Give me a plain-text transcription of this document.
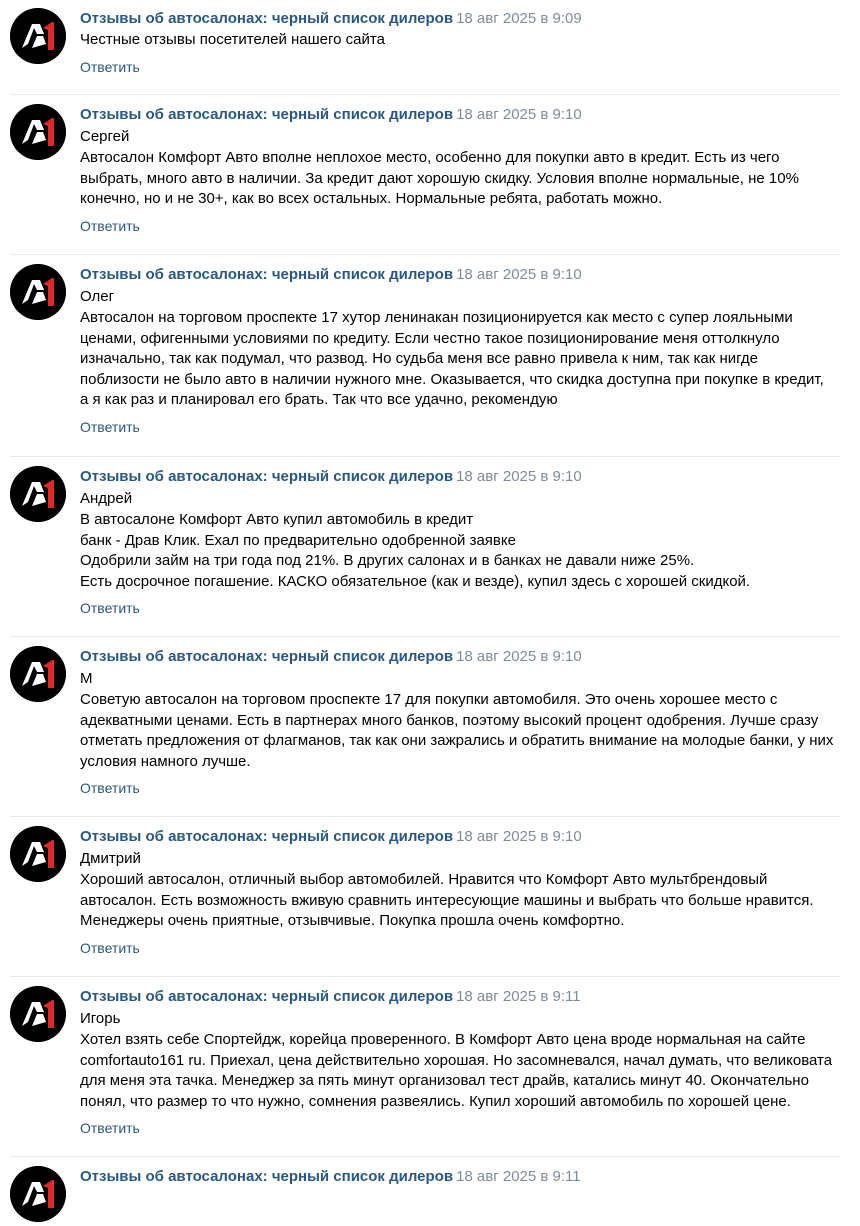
Отзывы об автосалонах: черный список дилеров 18 авг 2025 в 9:09
Честные отзывы посетителей нашего сайта
Ответить
Отзывы об автосалонах: черный список дилеров 18 авг 2025 в 9:10
Сергей
Автосалон Комфорт Авто вполне неплохое место, особенно для покупки авто в кредит. Есть из чего
выбрать, много авто в наличии. За кредит дают хорошую скидку. Условия вполне нормальные, не 10%
конечно, но и не 30+, как во всех остальных. Нормальные ребята, работать можно.
Ответить
Отзывы об автосалонах: черный список дилеров 18 авг 2025 в 9:10
Олег
Автосалон на торговом проспекте 17 хутор ленинакан позиционируется как место с супер лояльными
ценами, офигенными условиями по кредиту. Если честно такое позиционирование меня оттолкнуло
изначально, так как подумал, что развод. Но судьба меня все равно привела к ним, так как нигде
поблизости не было авто в наличии нужного мне. Оказывается, что скидка доступна при покупке в кредит,
а я как раз и планировал его брать. Так что все удачно, рекомендую
Ответить
Отзывы об автосалонах: черный список дилеров 18 авг 2025 в 9:10
Андрей
В автосалоне Комфорт Авто купил автомобиль в кредит
банк - Драв Клик. Ехал по предварительно одобренной заявке
Одобрили займ на три года под 21%. В других салонах и в банках не давали ниже 25%.
Есть досрочное погашение. КАСКО обязательное (как и везде), купил здесь с хорошей скидкой.
Ответить
Отзывы об автосалонах: черный список дилеров 18 авг 2025 в 9:10
М
Советую автосалон на торговом проспекте 17 для покупки автомобиля. Это очень хорошее место с
адекватными ценами. Есть в партнерах много банков, поэтому высокий процент одобрения. Лучше сразу
отметать предложения от флагманов, так как они зажрались и обратить внимание на молодые банки, у них
условия намного лучше.
Ответить
Отзывы об автосалонах: черный список дилеров 18 авг 2025 в 9:10
Дмитрий
Хороший автосалон, отличный выбор автомобилей. Нравится что Комфорт Авто мультбрендовый
автосалон. Есть возможность вживую сравнить интересующие машины и выбрать что больше нравится.
Менеджеры очень приятные, отзывчивые. Покупка прошла очень комфортно.
Ответить
Отзывы об автосалонах: черный список дилеров 18 авг 2025 в 9:11
Игорь
Хотел взять себе Спортейдж, корейца проверенного. В Комфорт Авто цена вроде нормальная на сайте
comfortauto161 ru. Приехал, цена действительно хорошая. Но засомневался, начал думать, что великовата
для меня эта тачка. Менеджер за пять минут организовал тест драйв, катались минут 40. Окончательно
понял, что размер то что нужно, сомнения развеялись. Купил хороший автомобиль по хорошей цене.
Ответить
Отзывы об автосалонах: черный список дилеров 18 авг 2025 в 9:11
